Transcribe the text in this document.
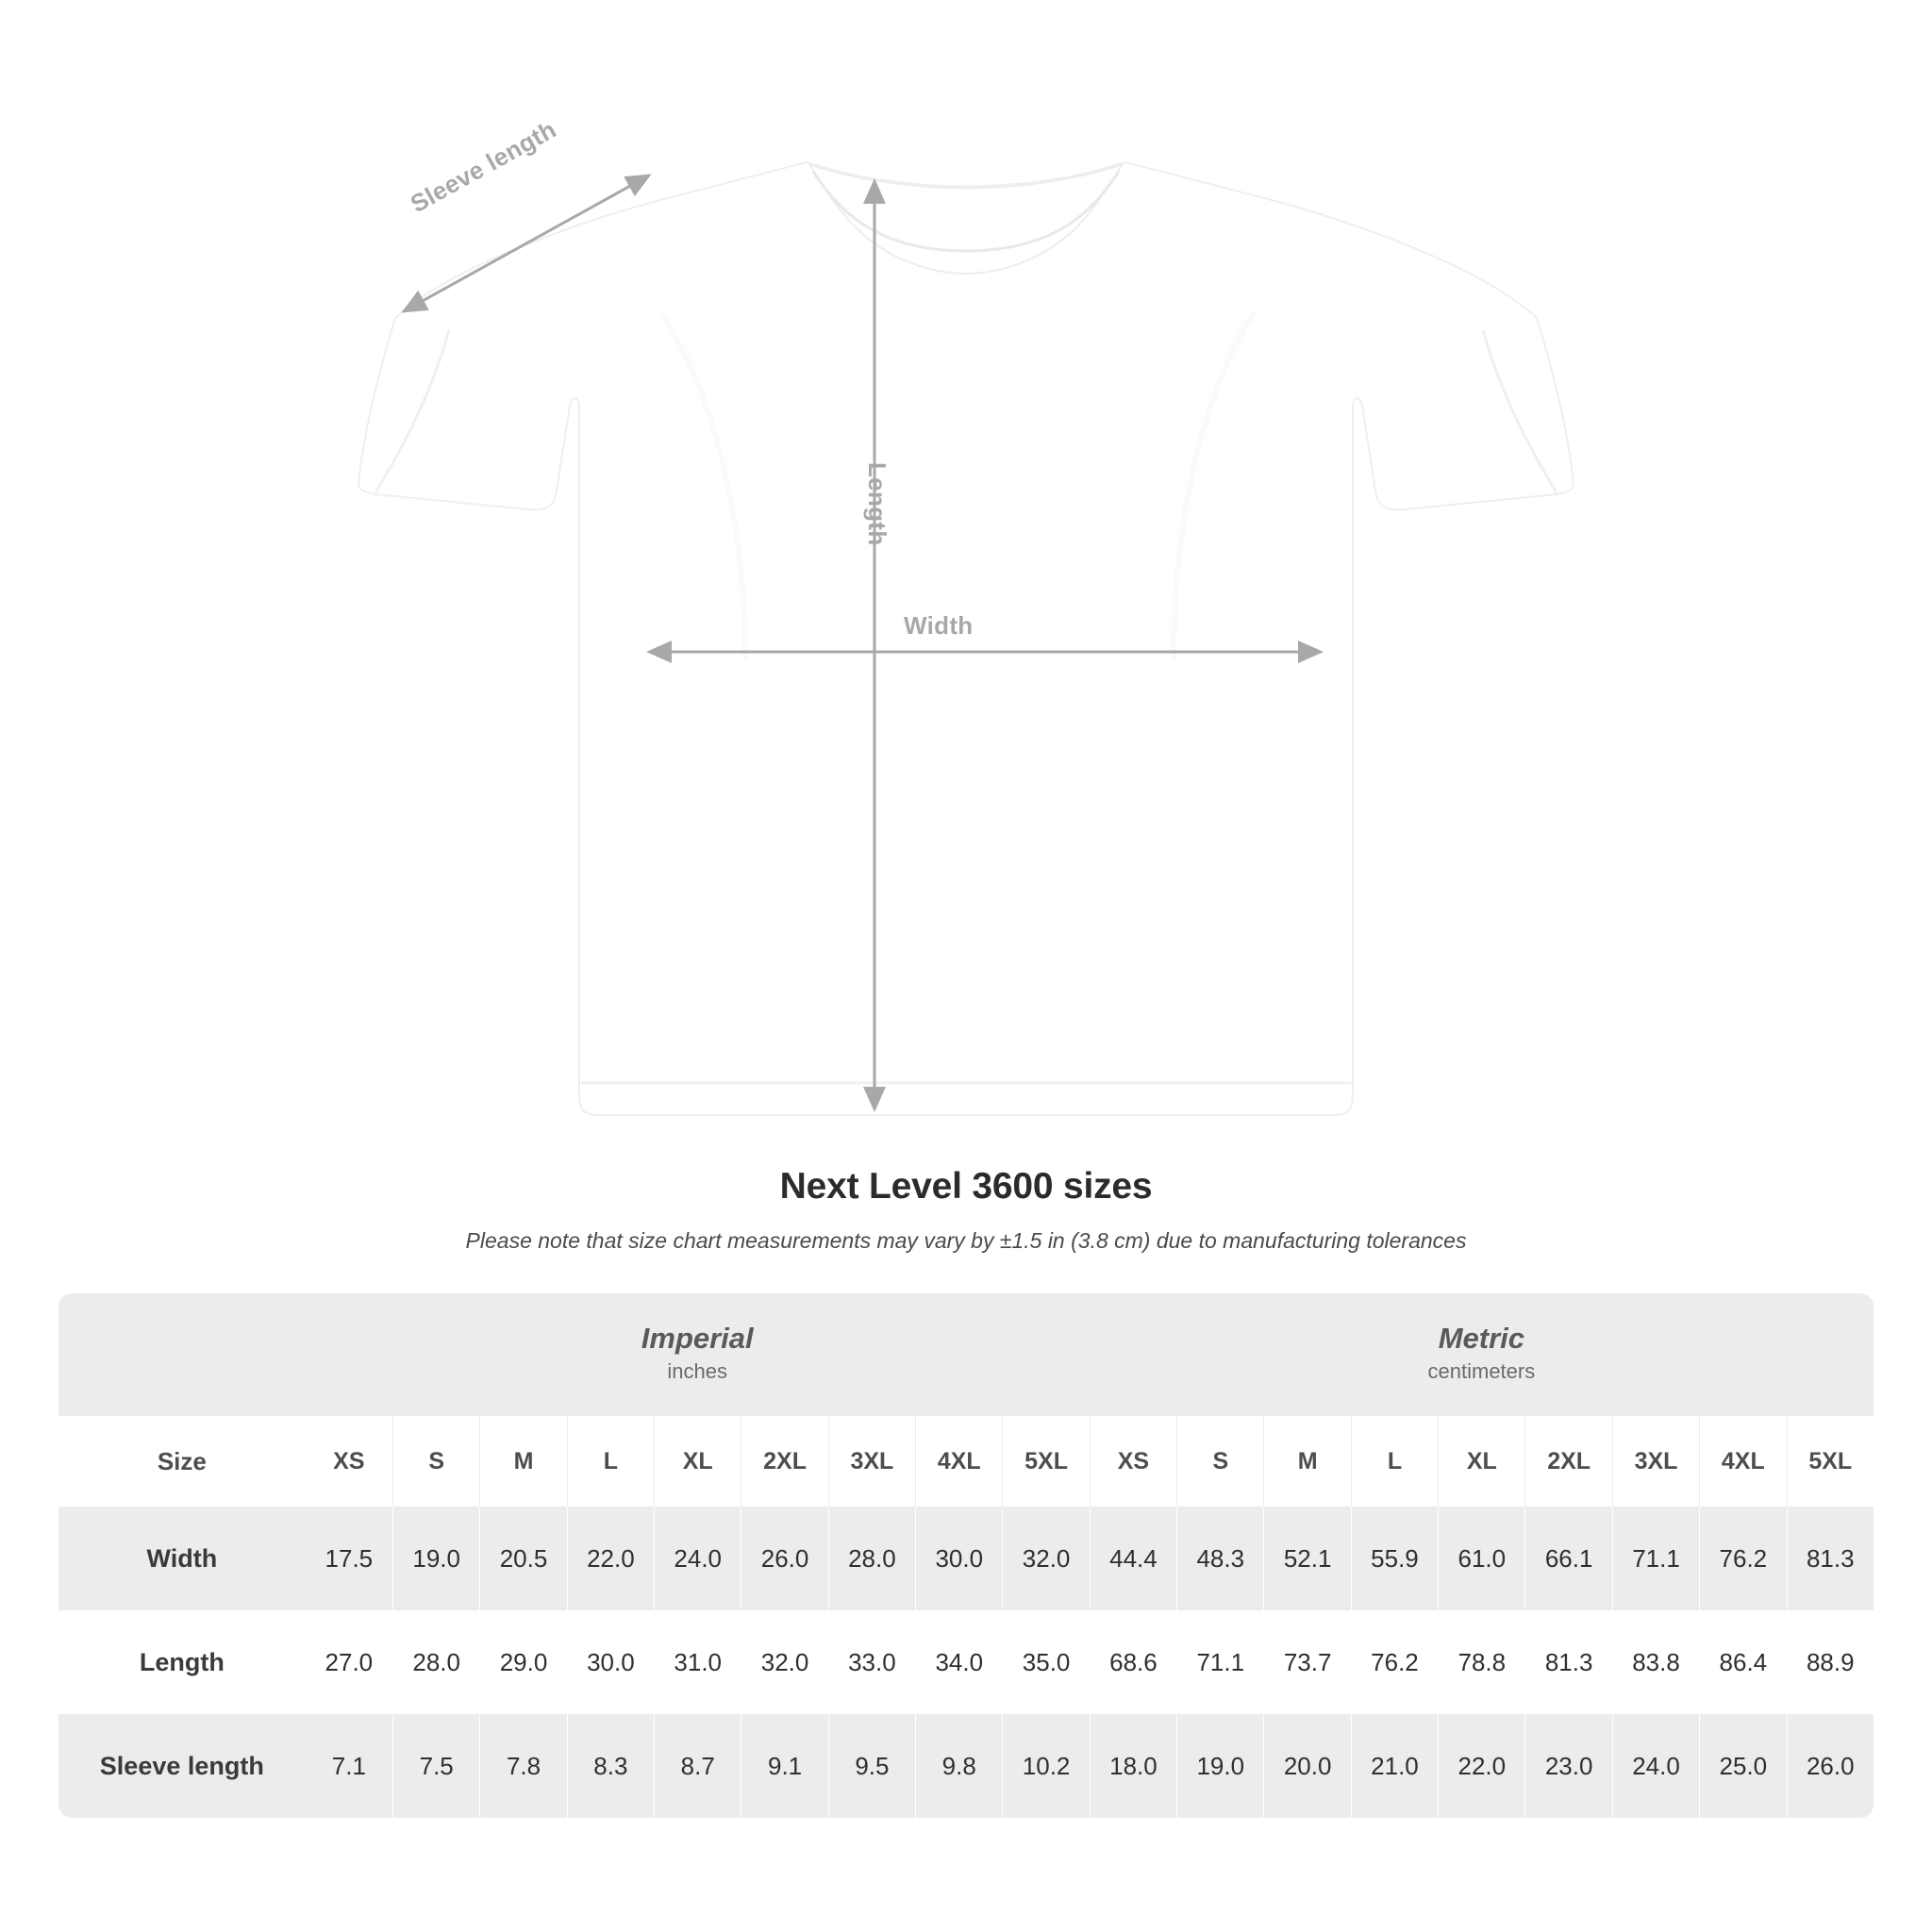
Sleeve length
Length
Width
Next Level 3600 sizes
Please note that size chart measurements may vary by ±1.5 in (3.8 cm) due to manufacturing tolerances

Imperial
inches

Metric
centimeters

Size	XS	S	M	L	XL	2XL	3XL	4XL	5XL	XS	S	M	L	XL	2XL	3XL	4XL	5XL

Width	17.5	19.0	20.5	22.0	24.0	26.0	28.0	30.0	32.0	44.4	48.3	52.1	55.9	61.0	66.1	71.1	76.2	81.3

Length	27.0	28.0	29.0	30.0	31.0	32.0	33.0	34.0	35.0	68.6	71.1	73.7	76.2	78.8	81.3	83.8	86.4	88.9

Sleeve length	7.1	7.5	7.8	8.3	8.7	9.1	9.5	9.8	10.2	18.0	19.0	20.0	21.0	22.0	23.0	24.0	25.0	26.0
